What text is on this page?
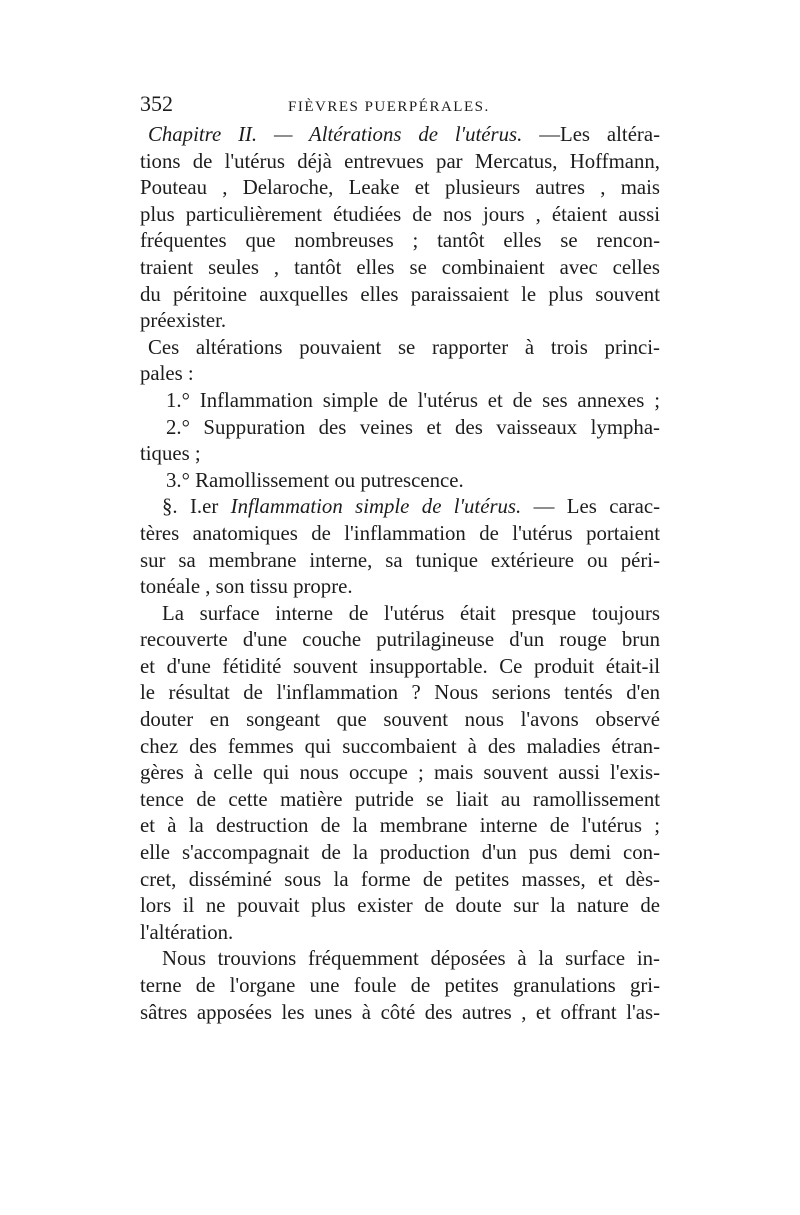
352	FIÈVRES PUERPÉRALES.
Chapitre II. — Altérations de l'utérus. —Les altéra-
tions de l'utérus déjà entrevues par Mercatus, Hoffmann,
Pouteau , Delaroche, Leake et plusieurs autres , mais
plus particulièrement étudiées de nos jours , étaient aussi
fréquentes que nombreuses ; tantôt elles se rencon-
traient seules , tantôt elles se combinaient avec celles
du péritoine auxquelles elles paraissaient le plus souvent
préexister.
Ces altérations pouvaient se rapporter à trois princi-
pales :
1.° Inflammation simple de l'utérus et de ses annexes ;
2.° Suppuration des veines et des vaisseaux lympha-
tiques ;
3.° Ramollissement ou putrescence.
§. I.er Inflammation simple de l'utérus. — Les carac-
tères anatomiques de l'inflammation de l'utérus portaient
sur sa membrane interne, sa tunique extérieure ou péri-
tonéale , son tissu propre.
La surface interne de l'utérus était presque toujours
recouverte d'une couche putrilagineuse d'un rouge brun
et d'une fétidité souvent insupportable. Ce produit était-il
le résultat de l'inflammation ? Nous serions tentés d'en
douter en songeant que souvent nous l'avons observé
chez des femmes qui succombaient à des maladies étran-
gères à celle qui nous occupe ; mais souvent aussi l'exis-
tence de cette matière putride se liait au ramollissement
et à la destruction de la membrane interne de l'utérus ;
elle s'accompagnait de la production d'un pus demi con-
cret, disséminé sous la forme de petites masses, et dès-
lors il ne pouvait plus exister de doute sur la nature de
l'altération.
Nous trouvions fréquemment déposées à la surface in-
terne de l'organe une foule de petites granulations gri-
sâtres apposées les unes à côté des autres , et offrant l'as-
